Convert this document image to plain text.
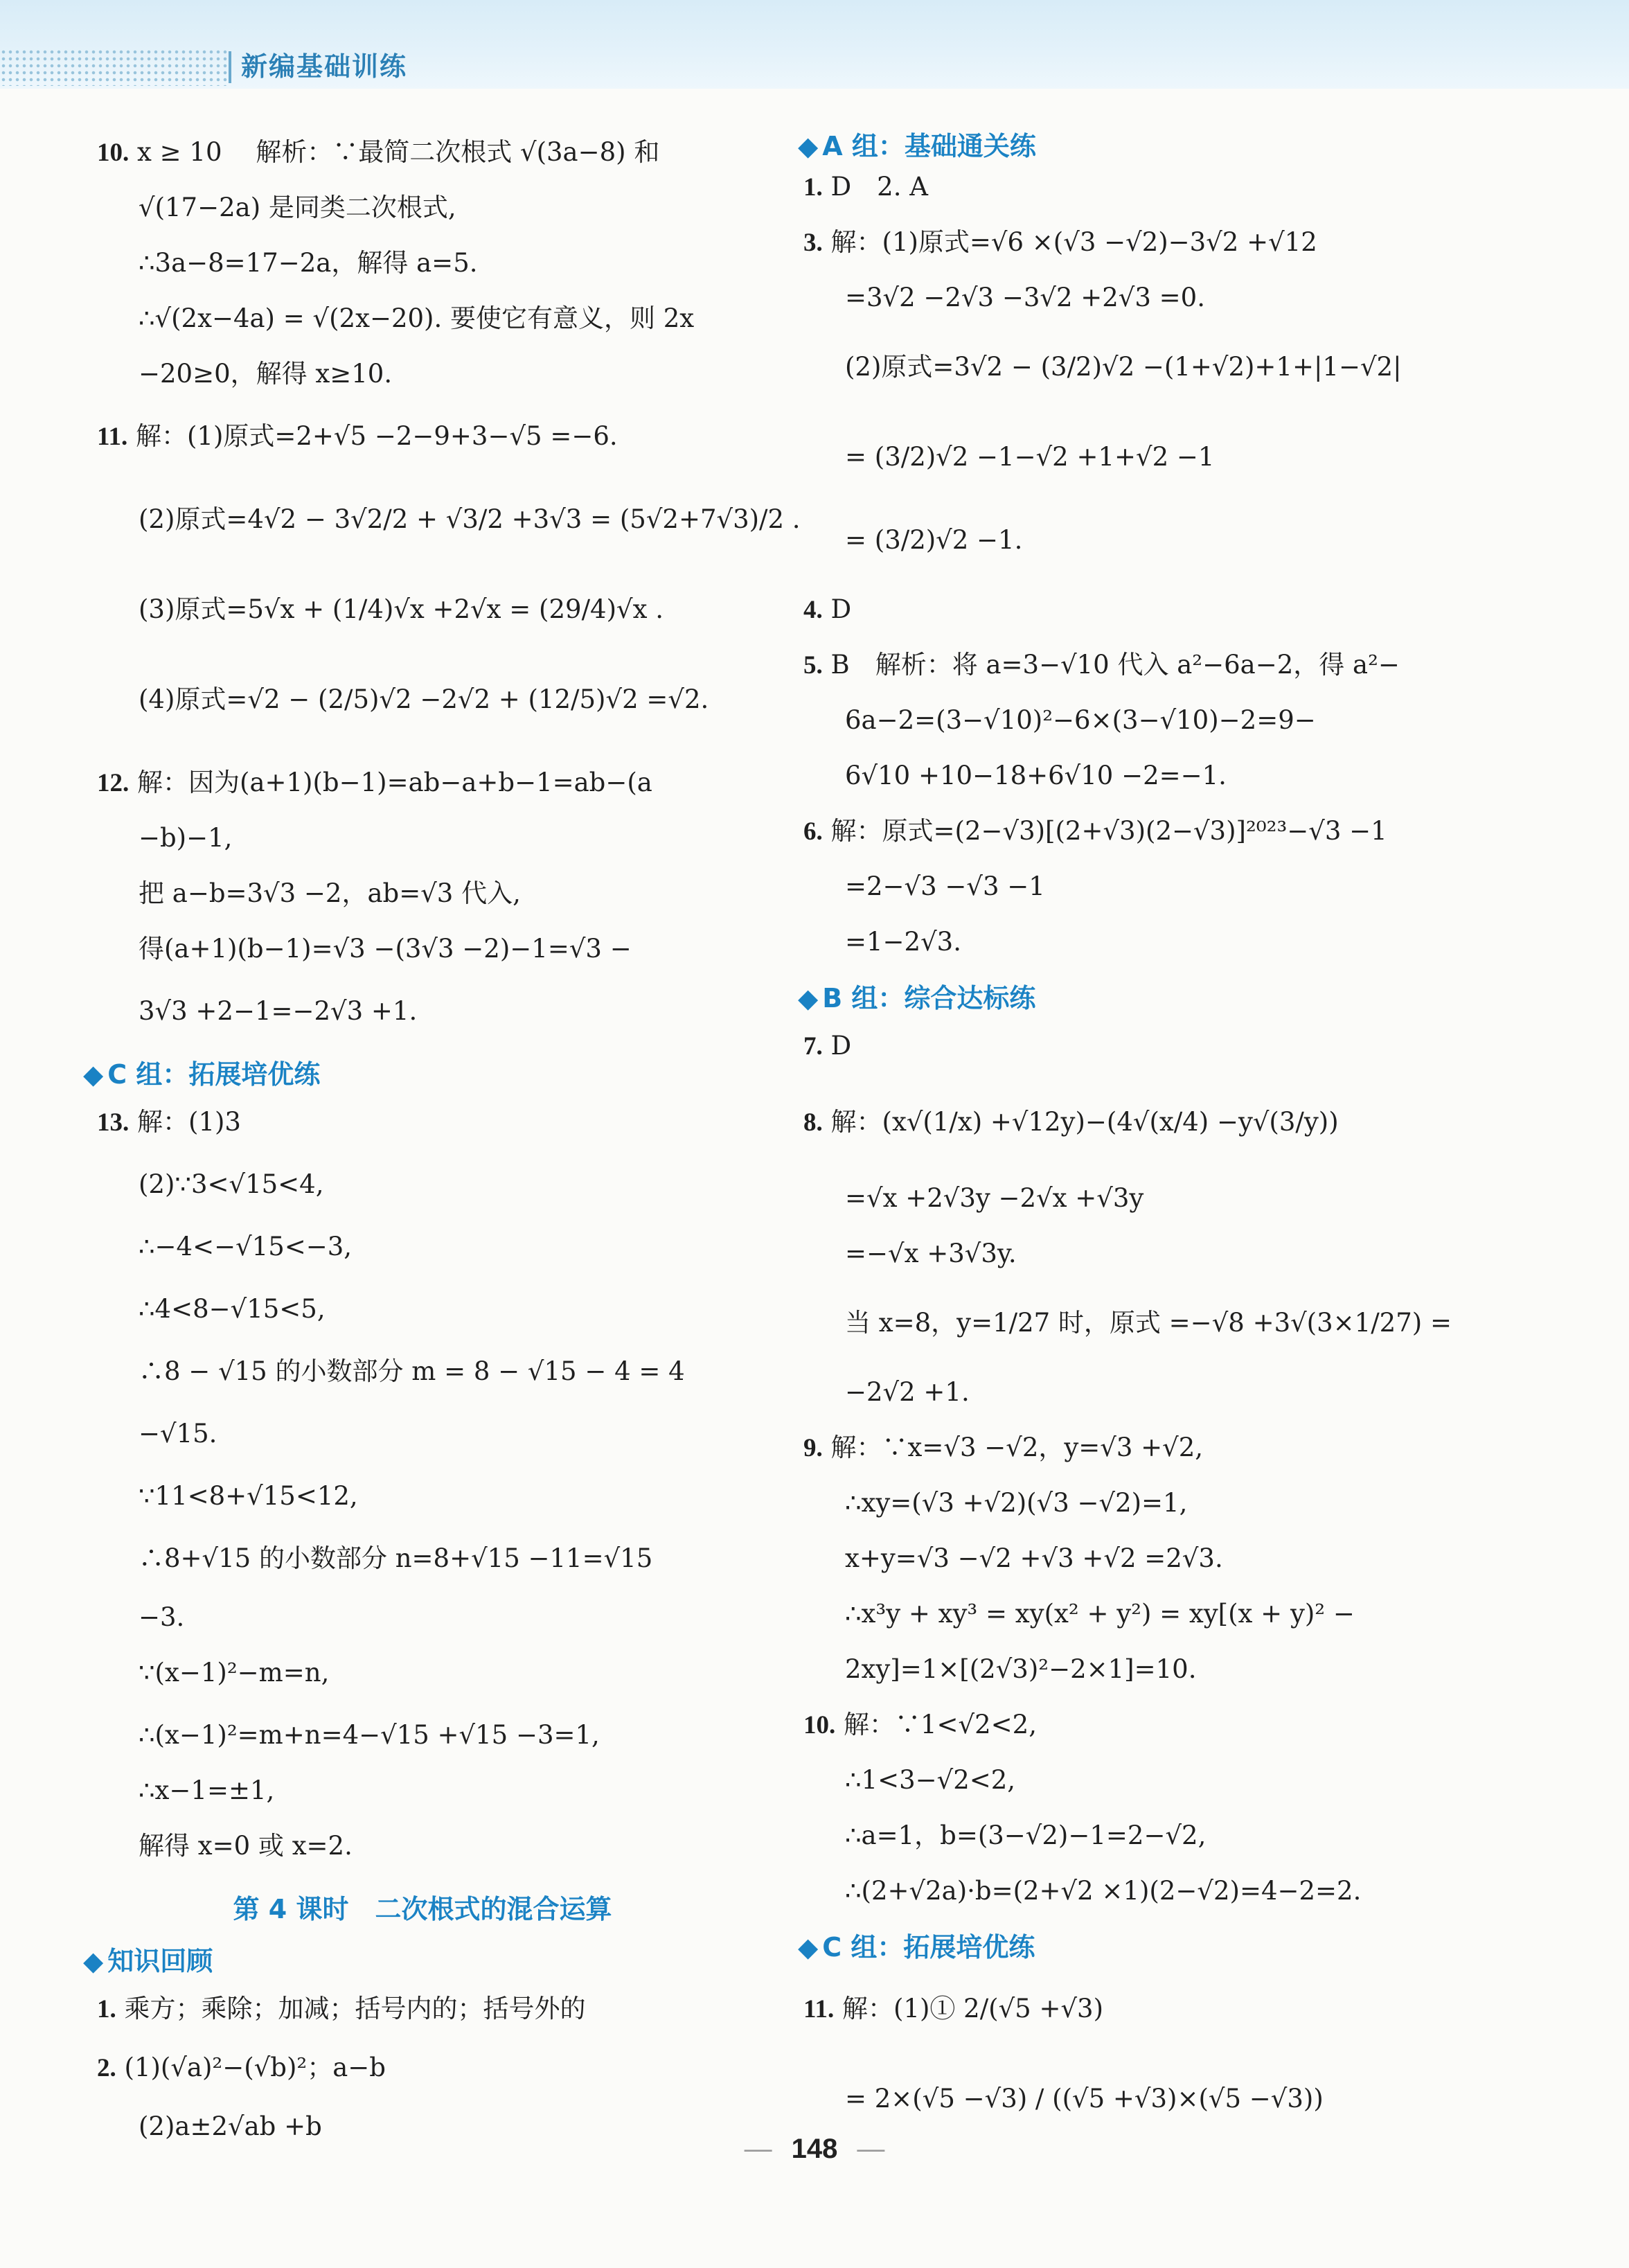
新编基础训练
10. x ≥ 10　 解析：∵最简二次根式 √(3a−8) 和
√(17−2a) 是同类二次根式,
∴3a−8=17−2a，解得 a=5.
∴√(2x−4a) = √(2x−20). 要使它有意义，则 2x
−20≥0，解得 x≥10.
11. 解：(1)原式=2+√5 −2−9+3−√5 =−6.
(2)原式=4√2 − 3√2/2 + √3/2 +3√3 = (5√2+7√3)/2 .
(3)原式=5√x + (1/4)√x +2√x = (29/4)√x .
(4)原式=√2 − (2/5)√2 −2√2 + (12/5)√2 =√2.
12. 解：因为(a+1)(b−1)=ab−a+b−1=ab−(a
−b)−1,
把 a−b=3√3 −2，ab=√3 代入,
得(a+1)(b−1)=√3 −(3√3 −2)−1=√3 −
3√3 +2−1=−2√3 +1.
◆ C 组：拓展培优练
13. 解：(1)3
(2)∵3<√15<4,
∴−4<−√15<−3,
∴4<8−√15<5,
∴8 − √15 的小数部分 m = 8 − √15 − 4 = 4
−√15.
∵11<8+√15<12,
∴8+√15 的小数部分 n=8+√15 −11=√15
−3.
∵(x−1)²−m=n,
∴(x−1)²=m+n=4−√15 +√15 −3=1,
∴x−1=±1,
解得 x=0 或 x=2.
第 4 课时　二次根式的混合运算
◆ 知识回顾
1. 乘方；乘除；加减；括号内的；括号外的
2. (1)(√a)²−(√b)²；a−b
(2)a±2√ab +b
◆ A 组：基础通关练
1. D　2. A
3. 解：(1)原式=√6 ×(√3 −√2)−3√2 +√12
=3√2 −2√3 −3√2 +2√3 =0.
(2)原式=3√2 − (3/2)√2 −(1+√2)+1+|1−√2|
= (3/2)√2 −1−√2 +1+√2 −1
= (3/2)√2 −1.
4. D
5. B　解析：将 a=3−√10 代入 a²−6a−2，得 a²−
6a−2=(3−√10)²−6×(3−√10)−2=9−
6√10 +10−18+6√10 −2=−1.
6. 解：原式=(2−√3)[(2+√3)(2−√3)]²⁰²³−√3 −1
=2−√3 −√3 −1
=1−2√3.
◆ B 组：综合达标练
7. D
8. 解：(x√(1/x) +√12y)−(4√(x/4) −y√(3/y))
=√x +2√3y −2√x +√3y
=−√x +3√3y.
当 x=8，y=1/27 时，原式 =−√8 +3√(3×1/27) =
−2√2 +1.
9. 解：∵x=√3 −√2，y=√3 +√2,
∴xy=(√3 +√2)(√3 −√2)=1,
x+y=√3 −√2 +√3 +√2 =2√3.
∴x³y + xy³ = xy(x² + y²) = xy[(x + y)² −
2xy]=1×[(2√3)²−2×1]=10.
10. 解：∵1<√2<2,
∴1<3−√2<2,
∴a=1，b=(3−√2)−1=2−√2,
∴(2+√2a)·b=(2+√2 ×1)(2−√2)=4−2=2.
◆ C 组：拓展培优练
11. 解：(1)① 2/(√5 +√3)
= 2×(√5 −√3) / ((√5 +√3)×(√5 −√3))
— 148 —
